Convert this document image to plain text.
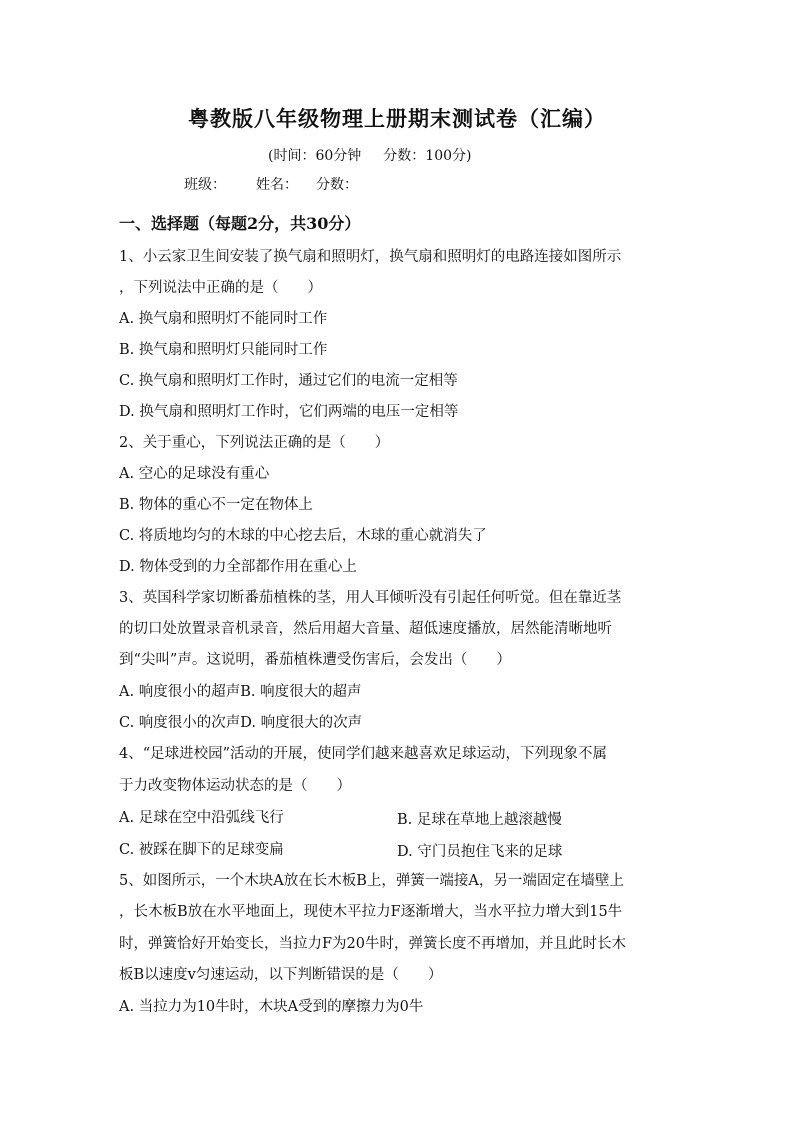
粤教版八年级物理上册期末测试卷（汇编）
(时间：60分钟 分数：100分)
班级： 姓名： 分数：
一、选择题（每题2分，共30分）
1、小云家卫生间安装了换气扇和照明灯，换气扇和照明灯的电路连接如图所示
，下列说法中正确的是（　　）
A. 换气扇和照明灯不能同时工作
B. 换气扇和照明灯只能同时工作
C. 换气扇和照明灯工作时，通过它们的电流一定相等
D. 换气扇和照明灯工作时，它们两端的电压一定相等
2、关于重心，下列说法正确的是（　　）
A. 空心的足球没有重心
B. 物体的重心不一定在物体上
C. 将质地均匀的木球的中心挖去后，木球的重心就消失了
D. 物体受到的力全部都作用在重心上
3、英国科学家切断番茄植株的茎，用人耳倾听没有引起任何听觉。但在靠近茎
的切口处放置录音机录音，然后用超大音量、超低速度播放，居然能清晰地听
到“尖叫”声。这说明，番茄植株遭受伤害后，会发出（　　）
A. 响度很小的超声B. 响度很大的超声
C. 响度很小的次声D. 响度很大的次声
4、“足球进校园”活动的开展，使同学们越来越喜欢足球运动，下列现象不属
于力改变物体运动状态的是（　　）
A. 足球在空中沿弧线飞行	B. 足球在草地上越滚越慢
C. 被踩在脚下的足球变扁	D. 守门员抱住飞来的足球
5、如图所示，一个木块A放在长木板B上，弹簧一端接A，另一端固定在墙壁上
，长木板B放在水平地面上，现使木平拉力F逐渐增大，当水平拉力增大到15牛
时，弹簧恰好开始变长，当拉力F为20牛时，弹簧长度不再增加，并且此时长木
板B以速度v匀速运动，以下判断错误的是（　　）
A. 当拉力为10牛时，木块A受到的摩擦力为0牛
